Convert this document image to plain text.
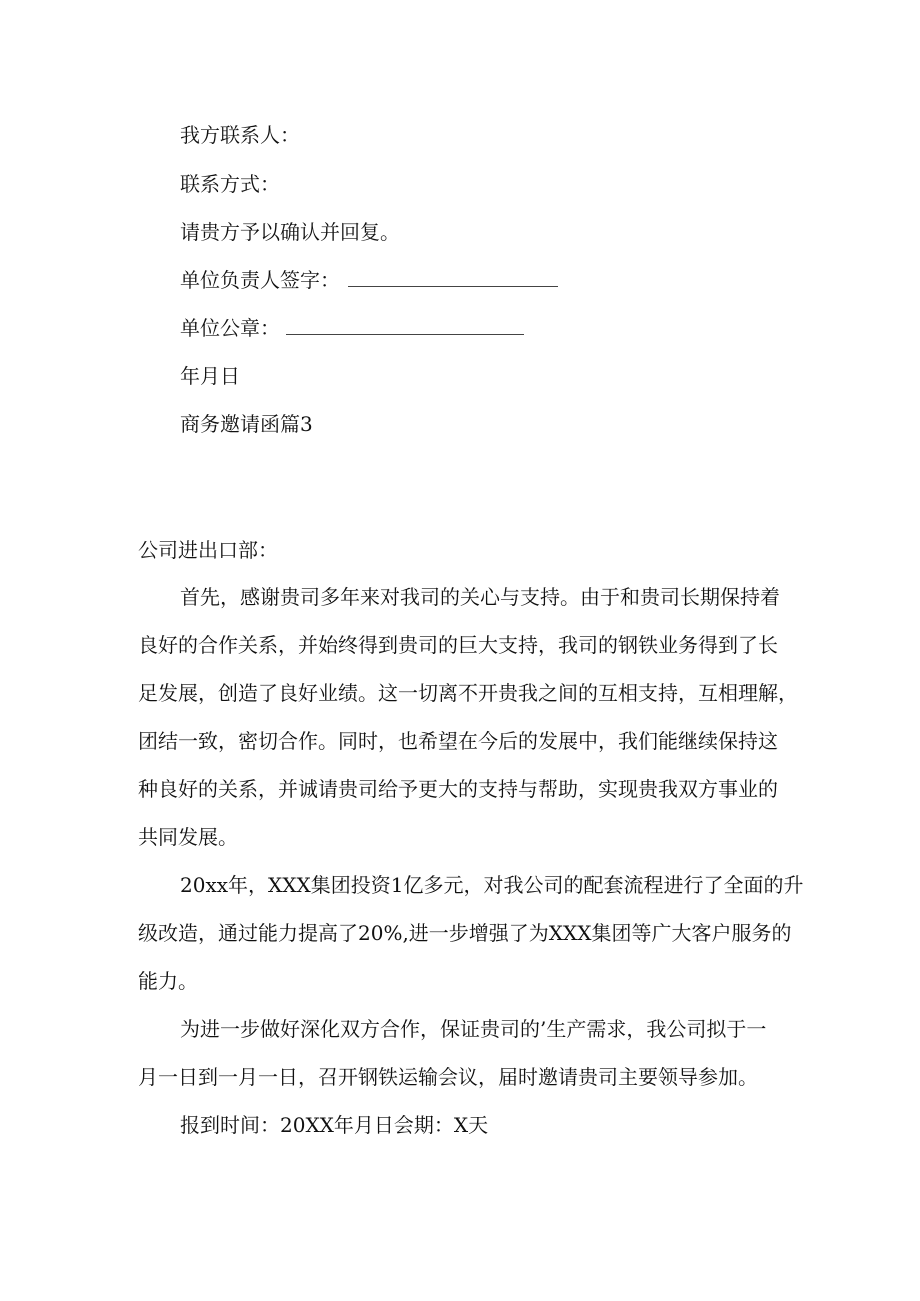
我方联系人：
联系方式：
请贵方予以确认并回复。
单位负责人签字：
单位公章：
年月日
商务邀请函篇3
公司进出口部：
首先，感谢贵司多年来对我司的关心与支持。由于和贵司长期保持着
良好的合作关系，并始终得到贵司的巨大支持，我司的钢铁业务得到了长
足发展，创造了良好业绩。这一切离不开贵我之间的互相支持，互相理解，
团结一致，密切合作。同时，也希望在今后的发展中，我们能继续保持这
种良好的关系，并诚请贵司给予更大的支持与帮助，实现贵我双方事业的
共同发展。
20xx年，XXX集团投资1亿多元，对我公司的配套流程进行了全面的升
级改造，通过能力提高了20%,进一步增强了为XXX集团等广大客户服务的
能力。
为进一步做好深化双方合作，保证贵司的’生产需求，我公司拟于一
月一日到一月一日，召开钢铁运输会议，届时邀请贵司主要领导参加。
报到时间：20XX年月日会期：X天
